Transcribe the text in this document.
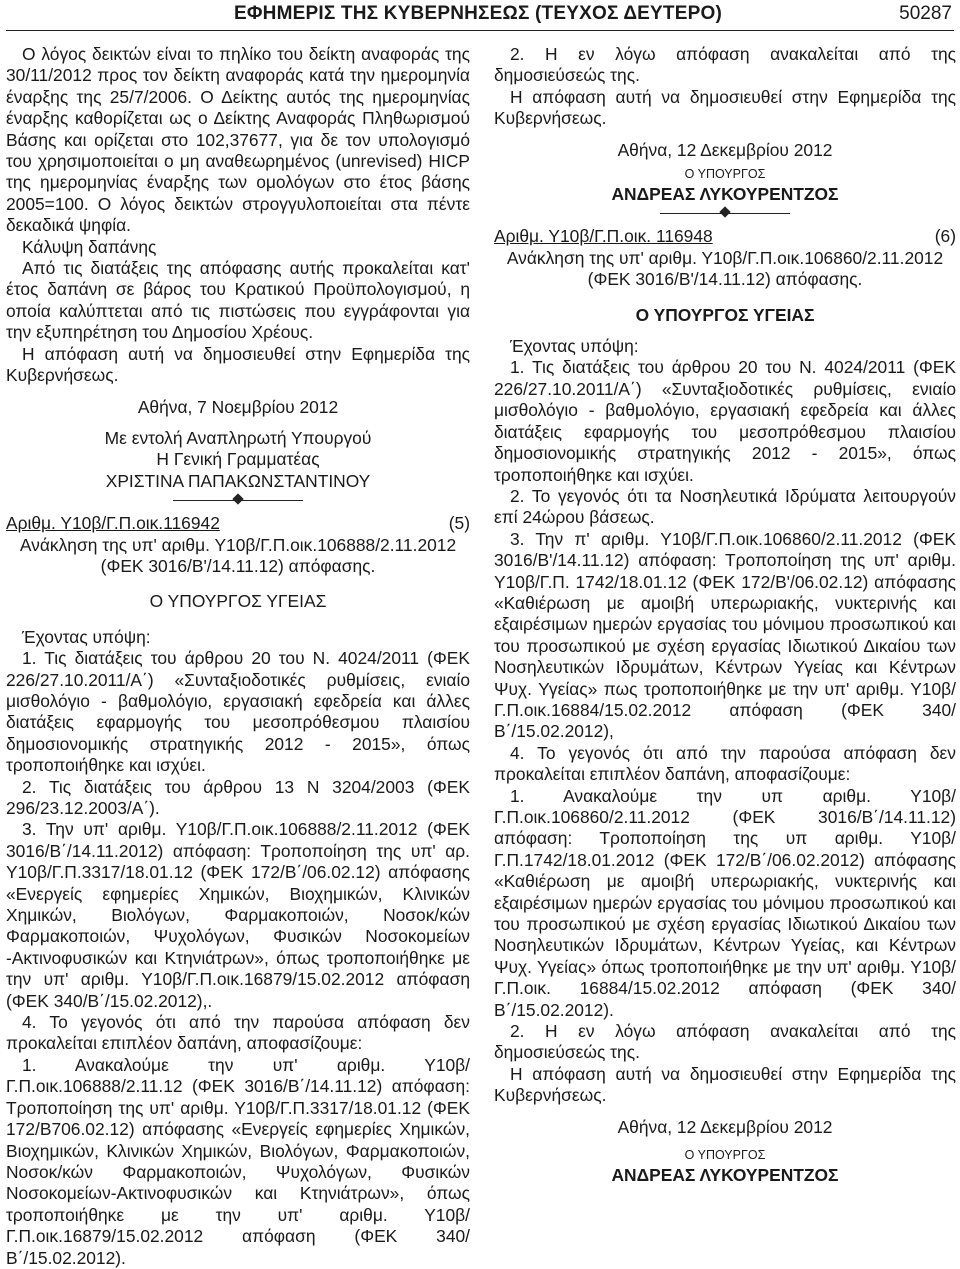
ΕΦΗΜΕΡΙΣ ΤΗΣ ΚΥΒΕΡΝΗΣΕΩΣ (ΤΕΥΧΟΣ ΔΕΥΤΕΡΟ)	50287

Ο λόγος δεικτών είναι το πηλίκο του δείκτη αναφοράς της 30/11/2012 προς τον δείκτη αναφοράς κατά την ημερομηνία έναρξης της 25/7/2006. Ο Δείκτης αυτός της ημερομηνίας έναρξης καθορίζεται ως ο Δείκτης Αναφοράς Πληθωρισμού Βάσης και ορίζεται στο 102,37677, για δε τον υπολογισμό του χρησιμοποιείται ο μη αναθεωρημένος (unrevised) HICP της ημερομηνίας έναρξης των ομολόγων στο έτος βάσης 2005=100. Ο λόγος δεικτών στρογγυλοποιείται στα πέντε δεκαδικά ψηφία.

Κάλυψη δαπάνης

Από τις διατάξεις της απόφασης αυτής προκαλείται κατ' έτος δαπάνη σε βάρος του Κρατικού Προϋπολογισμού, η οποία καλύπτεται από τις πιστώσεις που εγγράφονται για την εξυπηρέτηση του Δημοσίου Χρέους.

Η απόφαση αυτή να δημοσιευθεί στην Εφημερίδα της Κυβερνήσεως.

Αθήνα, 7 Νοεμβρίου 2012

Με εντολή Αναπληρωτή Υπουργού

Η Γενική Γραμματέας

ΧΡΙΣΤΙΝΑ ΠΑΠΑΚΩΝΣΤΑΝΤΙΝΟΥ

Αριθμ. Υ10β/Γ.Π.οικ.116942	(5)

Ανάκληση της υπ' αριθμ. Υ10β/Γ.Π.οικ.106888/2.11.2012

(ΦΕΚ 3016/Β'/14.11.12) απόφασης.

Ο ΥΠΟΥΡΓΟΣ ΥΓΕΙΑΣ

Έχοντας υπόψη:

1. Τις διατάξεις του άρθρου 20 του Ν. 4024/2011 (ΦΕΚ 226/27.10.2011/Α΄) «Συνταξιοδοτικές ρυθμίσεις, ενιαίο μισθολόγιο - βαθμολόγιο, εργασιακή εφεδρεία και άλλες διατάξεις εφαρμογής του μεσοπρόθεσμου πλαισίου δημοσιονομικής στρατηγικής 2012 - 2015», όπως τροποποιήθηκε και ισχύει.

2. Τις διατάξεις του άρθρου 13 Ν 3204/2003 (ΦΕΚ 296/23.12.2003/Α΄).

3. Την υπ' αριθμ. Υ10β/Γ.Π.οικ.106888/2.11.2012 (ΦΕΚ 3016/Β΄/14.11.2012) απόφαση: Τροποποίηση της υπ' αρ. Υ10β/Γ.Π.3317/18.01.12 (ΦΕΚ 172/Β΄/06.02.12) απόφασης «Ενεργείς εφημερίες Χημικών, Βιοχημικών, Κλινικών Χημικών, Βιολόγων, Φαρμακοποιών, Νοσοκ/κών Φαρμακοποιών, Ψυχολόγων, Φυσικών Νοσοκομείων -Ακτινοφυσικών και Κτηνιάτρων», όπως τροποποιήθηκε με την υπ' αριθμ. Υ10β/Γ.Π.οικ.16879/15.02.2012 απόφαση (ΦΕΚ 340/Β΄/15.02.2012),.

4. Το γεγονός ότι από την παρούσα απόφαση δεν προκαλείται επιπλέον δαπάνη, αποφασίζουμε:

1. Ανακαλούμε την υπ' αριθμ. Υ10β/Γ.Π.οικ.106888/2.11.12 (ΦΕΚ 3016/Β΄/14.11.12) απόφαση: Τροποποίηση της υπ' αριθμ. Υ10β/Γ.Π.3317/18.01.12 (ΦΕΚ 172/Β706.02.12) απόφασης «Ενεργείς εφημερίες Χημικών, Βιοχημικών, Κλινικών Χημικών, Βιολόγων, Φαρμακοποιών, Νοσοκ/κών Φαρμακοποιών, Ψυχολόγων, Φυσικών Νοσοκομείων-Ακτινοφυσικών και Κτηνιάτρων», όπως τροποποιήθηκε με την υπ' αριθμ. Υ10β/Γ.Π.οικ.16879/15.02.2012 απόφαση (ΦΕΚ 340/Β΄/15.02.2012).

2. Η εν λόγω απόφαση ανακαλείται από της δημοσιεύσεώς της.

Η απόφαση αυτή να δημοσιευθεί στην Εφημερίδα της Κυβερνήσεως.

Αθήνα, 12 Δεκεμβρίου 2012

Ο ΥΠΟΥΡΓΟΣ

ΑΝΔΡΕΑΣ ΛΥΚΟΥΡΕΝΤΖΟΣ

Αριθμ. Υ10β/Γ.Π.οικ. 116948	(6)

Ανάκληση της υπ' αριθμ. Υ10β/Γ.Π.οικ.106860/2.11.2012

(ΦΕΚ 3016/Β'/14.11.12) απόφασης.

Ο ΥΠΟΥΡΓΟΣ ΥΓΕΙΑΣ

Έχοντας υπόψη:

1. Τις διατάξεις του άρθρου 20 του Ν. 4024/2011 (ΦΕΚ 226/27.10.2011/Α΄) «Συνταξιοδοτικές ρυθμίσεις, ενιαίο μισθολόγιο - βαθμολόγιο, εργασιακή εφεδρεία και άλλες διατάξεις εφαρμογής του μεσοπρόθεσμου πλαισίου δημοσιονομικής στρατηγικής 2012 - 2015», όπως τροποποιήθηκε και ισχύει.

2. Το γεγονός ότι τα Νοσηλευτικά Ιδρύματα λειτουργούν επί 24ώρου βάσεως.

3. Την π' αριθμ. Υ10β/Γ.Π.οικ.106860/2.11.2012 (ΦΕΚ 3016/Β'/14.11.12) απόφαση: Τροποποίηση της υπ' αριθμ. Υ10β/Γ.Π. 1742/18.01.12 (ΦΕΚ 172/Β'/06.02.12) απόφασης «Καθιέρωση με αμοιβή υπερωριακής, νυκτερινής και εξαιρέσιμων ημερών εργασίας του μόνιμου προσωπικού και του προσωπικού με σχέση εργασίας Ιδιωτικού Δικαίου των Νοσηλευτικών Ιδρυμάτων, Κέντρων Υγείας και Κέντρων Ψυχ. Υγείας» πως τροποποιήθηκε με την υπ' αριθμ. Υ10β/Γ.Π.οικ.16884/15.02.2012 απόφαση (ΦΕΚ 340/Β΄/15.02.2012),

4. Το γεγονός ότι από την παρούσα απόφαση δεν προκαλείται επιπλέον δαπάνη, αποφασίζουμε:

1. Ανακαλούμε την υπ αριθμ. Υ10β/Γ.Π.οικ.106860/2.11.2012 (ΦΕΚ 3016/Β΄/14.11.12) απόφαση: Τροποποίηση της υπ αριθμ. Υ10β/Γ.Π.1742/18.01.2012 (ΦΕΚ 172/Β΄/06.02.2012) απόφασης «Καθιέρωση με αμοιβή υπερωριακής, νυκτερινής και εξαιρέσιμων ημερών εργασίας του μόνιμου προσωπικού και του προσωπικού με σχέση εργασίας Ιδιωτικού Δικαίου των Νοσηλευτικών Ιδρυμάτων, Κέντρων Υγείας, και Κέντρων Ψυχ. Υγείας» όπως τροποποιήθηκε με την υπ' αριθμ. Υ10β/Γ.Π.οικ. 16884/15.02.2012 απόφαση (ΦΕΚ 340/Β΄/15.02.2012).

2. Η εν λόγω απόφαση ανακαλείται από της δημοσιεύσεώς της.

Η απόφαση αυτή να δημοσιευθεί στην Εφημερίδα της Κυβερνήσεως.

Αθήνα, 12 Δεκεμβρίου 2012

Ο ΥΠΟΥΡΓΟΣ

ΑΝΔΡΕΑΣ ΛΥΚΟΥΡΕΝΤΖΟΣ
